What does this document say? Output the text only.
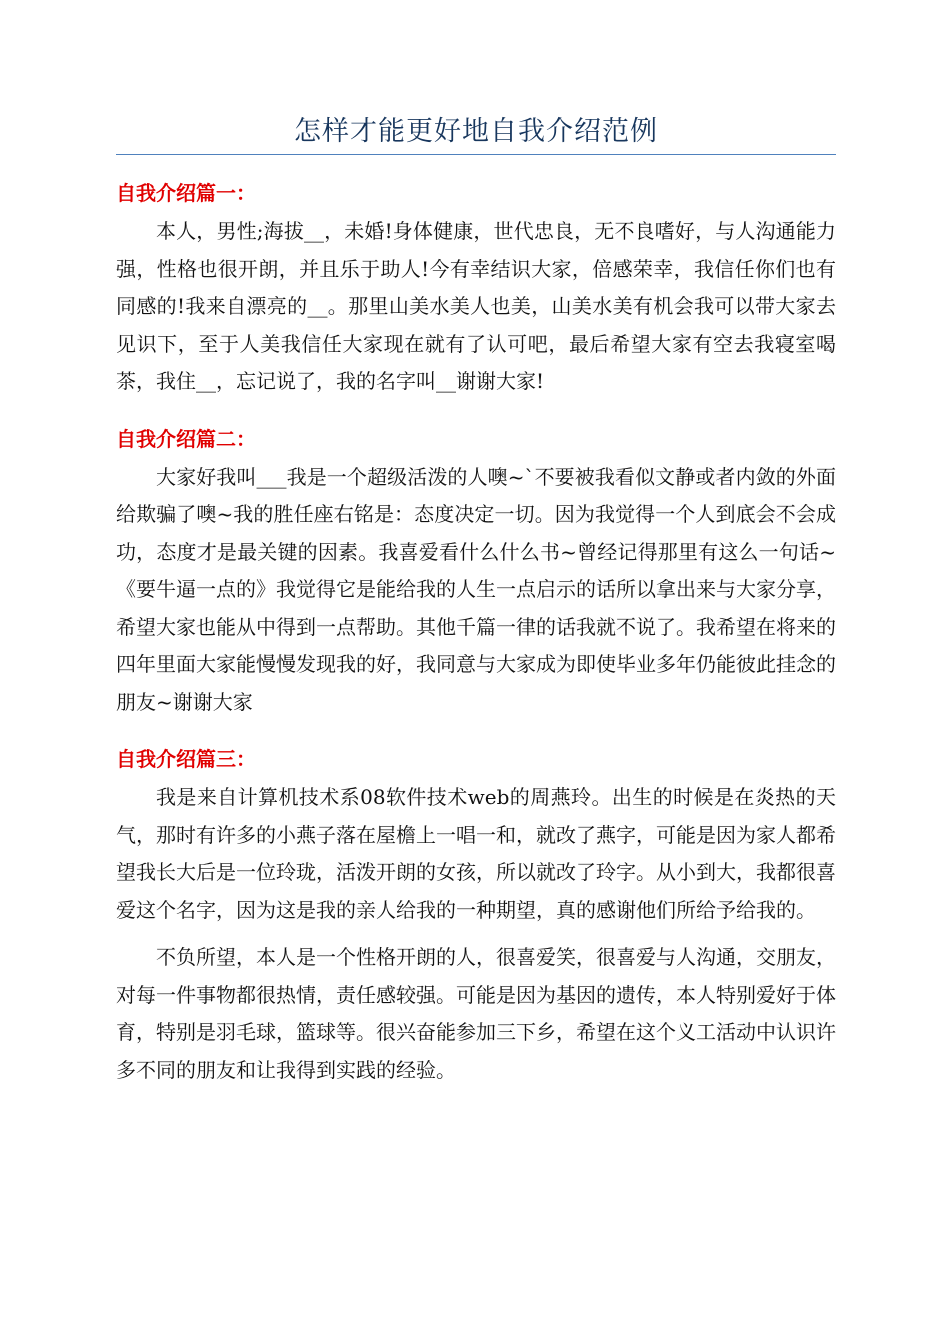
怎样才能更好地自我介绍范例
自我介绍篇一：

本人，男性;海拔__，未婚!身体健康，世代忠良，无不良嗜好，与人沟通能力强，性格也很开朗，并且乐于助人!今有幸结识大家，倍感荣幸，我信任你们也有同感的!我来自漂亮的__。那里山美水美人也美，山美水美有机会我可以带大家去见识下，至于人美我信任大家现在就有了认可吧，最后希望大家有空去我寝室喝茶，我住__，忘记说了，我的名字叫__谢谢大家!

自我介绍篇二：

大家好我叫___我是一个超级活泼的人噢~`不要被我看似文静或者内敛的外面给欺骗了噢~我的胜任座右铭是：态度决定一切。因为我觉得一个人到底会不会成功，态度才是最关键的因素。我喜爱看什么什么书~曾经记得那里有这么一句话~《要牛逼一点的》我觉得它是能给我的人生一点启示的话所以拿出来与大家分享，希望大家也能从中得到一点帮助。其他千篇一律的话我就不说了。我希望在将来的四年里面大家能慢慢发现我的好，我同意与大家成为即使毕业多年仍能彼此挂念的朋友~谢谢大家

自我介绍篇三：

我是来自计算机技术系08软件技术web的周燕玲。出生的时候是在炎热的天气，那时有许多的小燕子落在屋檐上一唱一和，就改了燕字，可能是因为家人都希望我长大后是一位玲珑，活泼开朗的女孩，所以就改了玲字。从小到大，我都很喜爱这个名字，因为这是我的亲人给我的一种期望，真的感谢他们所给予给我的。

不负所望，本人是一个性格开朗的人，很喜爱笑，很喜爱与人沟通，交朋友，对每一件事物都很热情，责任感较强。可能是因为基因的遗传，本人特别爱好于体育，特别是羽毛球，篮球等。很兴奋能参加三下乡，希望在这个义工活动中认识许多不同的朋友和让我得到实践的经验。
